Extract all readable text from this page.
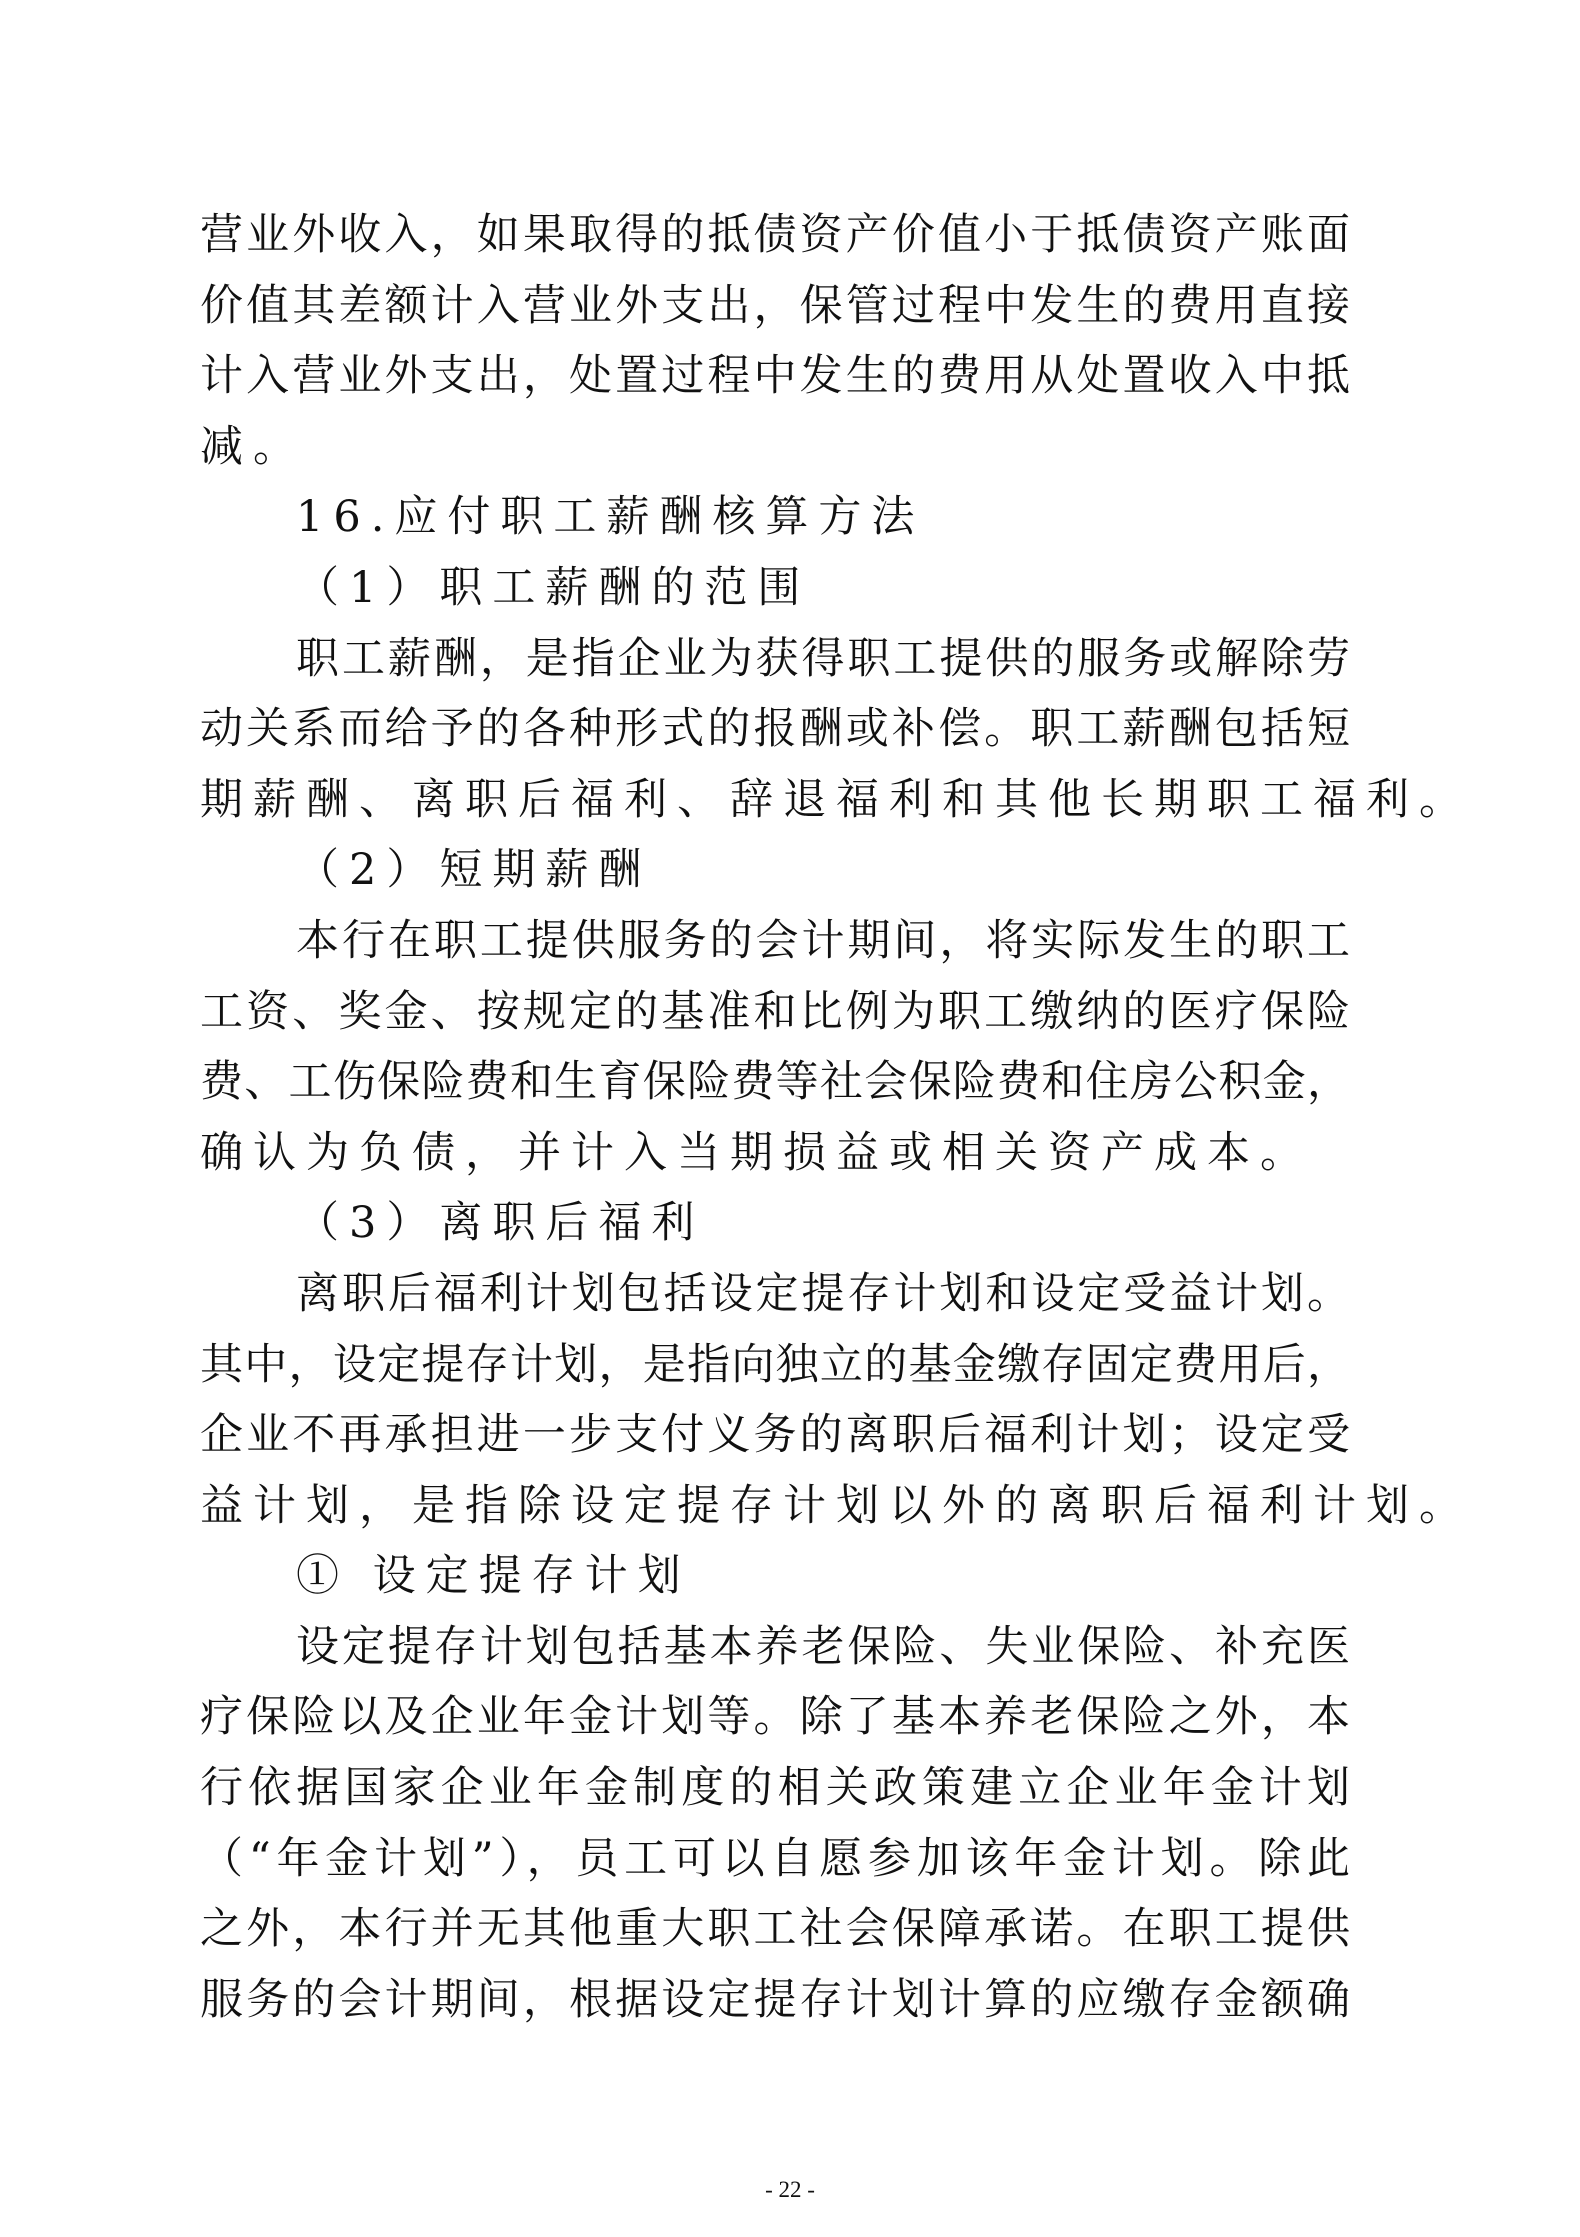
营业外收入，如果取得的抵债资产价值小于抵债资产账面
价值其差额计入营业外支出，保管过程中发生的费用直接
计入营业外支出，处置过程中发生的费用从处置收入中抵
减。
16.应付职工薪酬核算方法
（1）职工薪酬的范围
职工薪酬，是指企业为获得职工提供的服务或解除劳
动关系而给予的各种形式的报酬或补偿。职工薪酬包括短
期薪酬、离职后福利、辞退福利和其他长期职工福利。
（2）短期薪酬
本行在职工提供服务的会计期间，将实际发生的职工
工资、奖金、按规定的基准和比例为职工缴纳的医疗保险
费、工伤保险费和生育保险费等社会保险费和住房公积金，
确认为负债，并计入当期损益或相关资产成本。
（3）离职后福利
离职后福利计划包括设定提存计划和设定受益计划。
其中，设定提存计划，是指向独立的基金缴存固定费用后，
企业不再承担进一步支付义务的离职后福利计划；设定受
益计划，是指除设定提存计划以外的离职后福利计划。
① 设定提存计划
设定提存计划包括基本养老保险、失业保险、补充医
疗保险以及企业年金计划等。除了基本养老保险之外，本
行依据国家企业年金制度的相关政策建立企业年金计划
（“年金计划”），员工可以自愿参加该年金计划。除此
之外，本行并无其他重大职工社会保障承诺。在职工提供
服务的会计期间，根据设定提存计划计算的应缴存金额确
- 22 -
